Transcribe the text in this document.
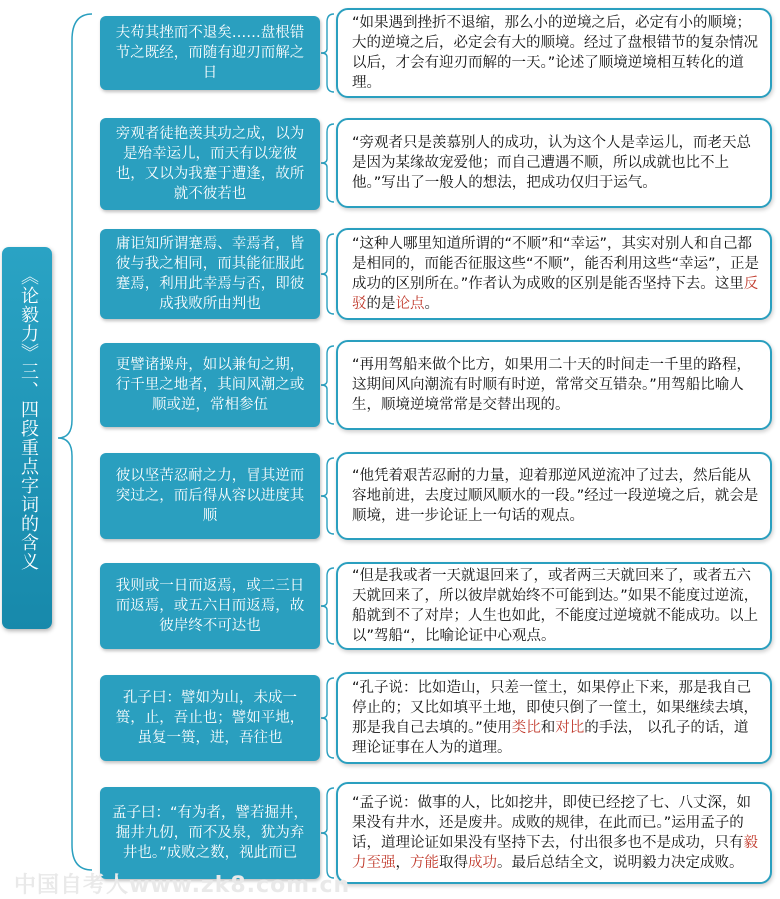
《论毅力》三、四段重点字词的含义
夫苟其挫而不退矣……盘根错节之既经，而随有迎刃而解之日
“如果遇到挫折不退缩，那么小的逆境之后，必定有小的顺境；大的逆境之后，必定会有大的顺境。经过了盘根错节的复杂情况以后，才会有迎刃而解的一天。”论述了顺境逆境相互转化的道理。
旁观者徒艳羡其功之成，以为是殆幸运儿，而天有以宠彼也，又以为我蹇于遭逢，故所就不彼若也
“旁观者只是羡慕别人的成功，认为这个人是幸运儿，而老天总是因为某缘故宠爱他；而自己遭遇不顺，所以成就也比不上他。”写出了一般人的想法，把成功仅归于运气。
庸讵知所谓蹇焉、幸焉者，皆彼与我之相同，而其能征服此蹇焉，利用此幸焉与否，即彼成我败所由判也
“这种人哪里知道所谓的“不顺”和“幸运”，其实对别人和自己都是相同的，而能否征服这些“不顺”，能否利用这些“幸运”，正是成功的区别所在。”作者认为成败的区别是能否坚持下去。这里反驳的是论点。
更譬诸操舟，如以兼旬之期，行千里之地者，其间风潮之或顺或逆，常相参伍
“再用驾船来做个比方，如果用二十天的时间走一千里的路程，这期间风向潮流有时顺有时逆，常常交互错杂。”用驾船比喻人生，顺境逆境常常是交替出现的。
彼以坚苦忍耐之力，冒其逆而突过之，而后得从容以进度其顺
“他凭着艰苦忍耐的力量，迎着那逆风逆流冲了过去，然后能从容地前进，去度过顺风顺水的一段。”经过一段逆境之后，就会是顺境，进一步论证上一句话的观点。
我则或一日而返焉，或二三日而返焉，或五六日而返焉，故彼岸终不可达也
“但是我或者一天就退回来了，或者两三天就回来了，或者五六天就回来了，所以彼岸就始终不可能到达。”如果不能度过逆流，船就到不了对岸；人生也如此，不能度过逆境就不能成功。以上以”驾船“，比喻论证中心观点。
孔子曰：譬如为山，未成一篑，止，吾止也；譬如平地，虽复一篑，进，吾往也
“孔子说：比如造山，只差一筐土，如果停止下来，那是我自己停止的；又比如填平土地，即使只倒了一筐土，如果继续去填，那是我自己去填的。”使用类比和对比的手法， 以孔子的话，道理论证事在人为的道理。
孟子曰：“有为者，譬若掘井，掘井九仞，而不及泉，犹为弃井也。”成败之数，视此而已
“孟子说：做事的人，比如挖井，即使已经挖了七、八丈深，如果没有井水，还是废井。成败的规律，在此而已。”运用孟子的话，道理论证如果没有坚持下去，付出很多也不是成功，只有毅力至强，方能取得成功。最后总结全文，说明毅力决定成败。
中国自考人www.zk8.com.cn
